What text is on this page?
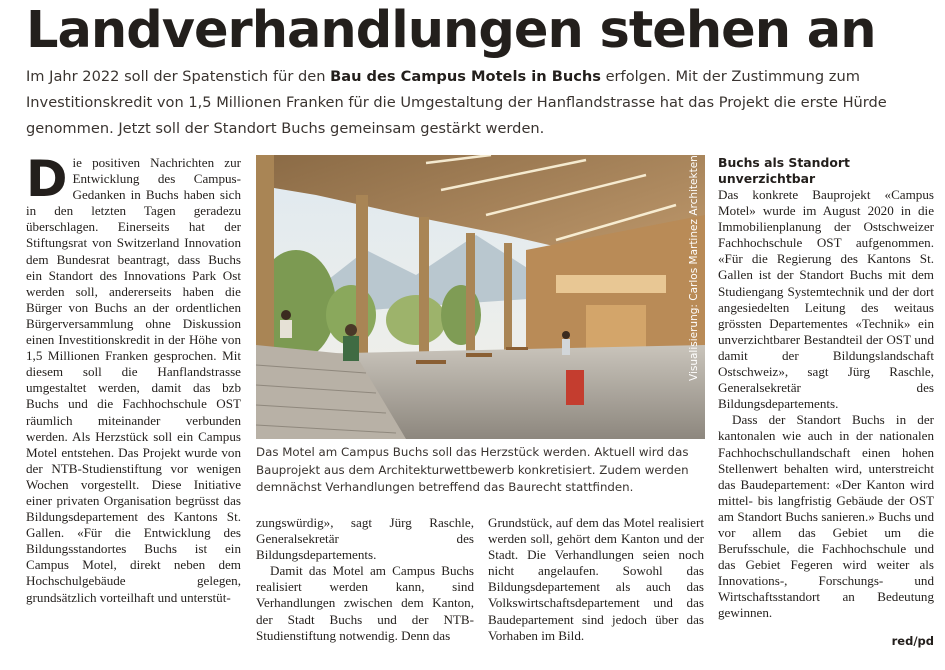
Landverhandlungen stehen an
Im Jahr 2022 soll der Spatenstich für den Bau des Campus Motels in Buchs erfolgen. Mit der Zustimmung zum Investitionskredit von 1,5 Millionen Franken für die Umgestaltung der Hanflandstrasse hat das Projekt die erste Hürde genommen. Jetzt soll der Standort Buchs gemeinsam gestärkt werden.
D ie positiven Nachrichten zur Entwicklung des Campus-Gedanken in Buchs haben sich in den letzten Tagen geradezu überschlagen. Einerseits hat der Stiftungsrat von Switzerland Innovation dem Bundesrat beantragt, dass Buchs ein Standort des Innovations Park Ost werden soll, andererseits haben die Bürger von Buchs an der ordentlichen Bürgerversammlung ohne Diskussion einen Investitionskredit in der Höhe von 1,5 Millionen Franken gesprochen. Mit diesem soll die Hanflandstrasse umgestaltet werden, damit das bzb Buchs und die Fachhochschule OST räumlich miteinander verbunden werden. Als Herzstück soll ein Campus Motel entstehen. Das Projekt wurde von der NTB-Studienstiftung vor wenigen Wochen vorgestellt. Diese Initiative einer privaten Organisation begrüsst das Bildungsdepartement des Kantons St. Gallen. «Für die Entwicklung des Bildungsstandortes Buchs ist ein Campus Motel, direkt neben dem Hochschulgebäude gelegen, grundsätzlich vorteilhaft und unterstüt-

Visualisierung: Carlos Martinez Architekten
Das Motel am Campus Buchs soll das Herzstück werden. Aktuell wird das Bauprojekt aus dem Architekturwettbewerb konkretisiert. Zudem werden demnächst Verhandlungen betreffend das Baurecht stattfinden.

zungswürdig», sagt Jürg Raschle, Generalsekretär des Bildungsdepartements.

Damit das Motel am Campus Buchs realisiert werden kann, sind Verhandlungen zwischen dem Kanton, der Stadt Buchs und der NTB-Studienstiftung notwendig. Denn das

Grundstück, auf dem das Motel realisiert werden soll, gehört dem Kanton und der Stadt. Die Verhandlungen seien noch nicht angelaufen. Sowohl das Bildungsdepartement als auch das Volkswirtschaftsdepartement und das Baudepartement sind jedoch über das Vorhaben im Bild.

Buchs als Standort unverzichtbar

Das konkrete Bauprojekt «Campus Motel» wurde im August 2020 in die Immobilienplanung der Ostschweizer Fachhochschule OST aufgenommen. «Für die Regierung des Kantons St. Gallen ist der Standort Buchs mit dem Studiengang Systemtechnik und der dort angesiedelten Leitung des weitaus grössten Departementes «Technik» ein unverzichtbarer Bestandteil der OST und damit der Bildungslandschaft Ostschweiz», sagt Jürg Raschle, Generalsekretär des Bildungsdepartements.

Dass der Standort Buchs in der kantonalen wie auch in der nationalen Fachhochschullandschaft einen hohen Stellenwert behalten wird, unterstreicht das Baudepartement: «Der Kanton wird mittel- bis langfristig Gebäude der OST am Standort Buchs sanieren.» Buchs und vor allem das Gebiet um die Berufsschule, die Fachhochschule und das Gebiet Fegeren wird weiter als Innovations-, Forschungs- und Wirtschaftsstandort an Bedeutung gewinnen.

red/pd
